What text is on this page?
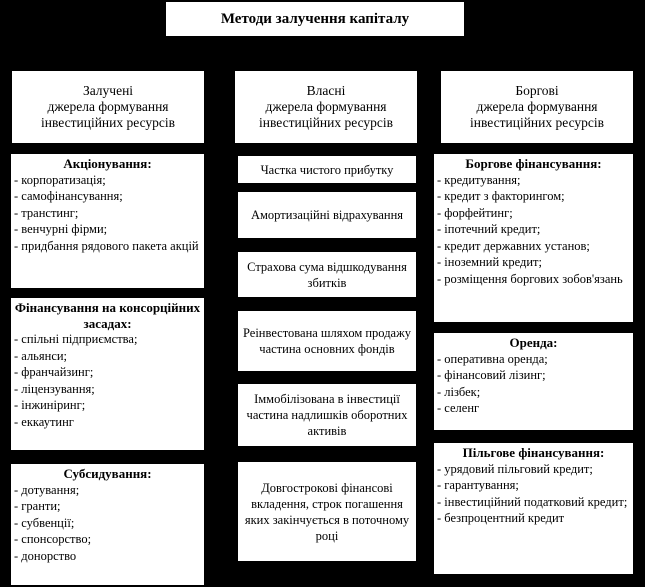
Методи залучення капіталу
Залучені
джерела формування
інвестиційних ресурсів
Власні
джерела формування
інвестиційних ресурсів
Боргові
джерела формування
інвестиційних ресурсів
Акціонування:
- корпоратизація;
- самофінансування;
- транстинг;
- венчурні фірми;
- придбання рядового пакета акцій
Фінансування на консорційних засадах:
- спільні підприємства;
- альянси;
- франчайзинг;
- ліцензування;
- інжиніринг;
- еккаутинг
Субсидування:
- дотування;
- гранти;
- субвенції;
- спонсорство;
- донорство
Частка чистого прибутку
Амортизаційні відрахування
Страхова сума відшкодування збитків
Реінвестована шляхом продажу частина основних фондів
Іммобілізована в інвестиції частина надлишків оборотних активів
Довгострокові фінансові вкладення, строк погашення яких закінчується в поточному році
Боргове фінансування:
- кредитування;
- кредит з факторингом;
- форфейтинг;
- іпотечний кредит;
- кредит державних установ;
- іноземний кредит;
- розміщення боргових зобов'язань
Оренда:
- оперативна оренда;
- фінансовий лізинг;
- лізбек;
- селенг
Пільгове фінансування:
- урядовий пільговий кредит;
- гарантування;
- інвестиційний податковий кредит;
- безпроцентний кредит
